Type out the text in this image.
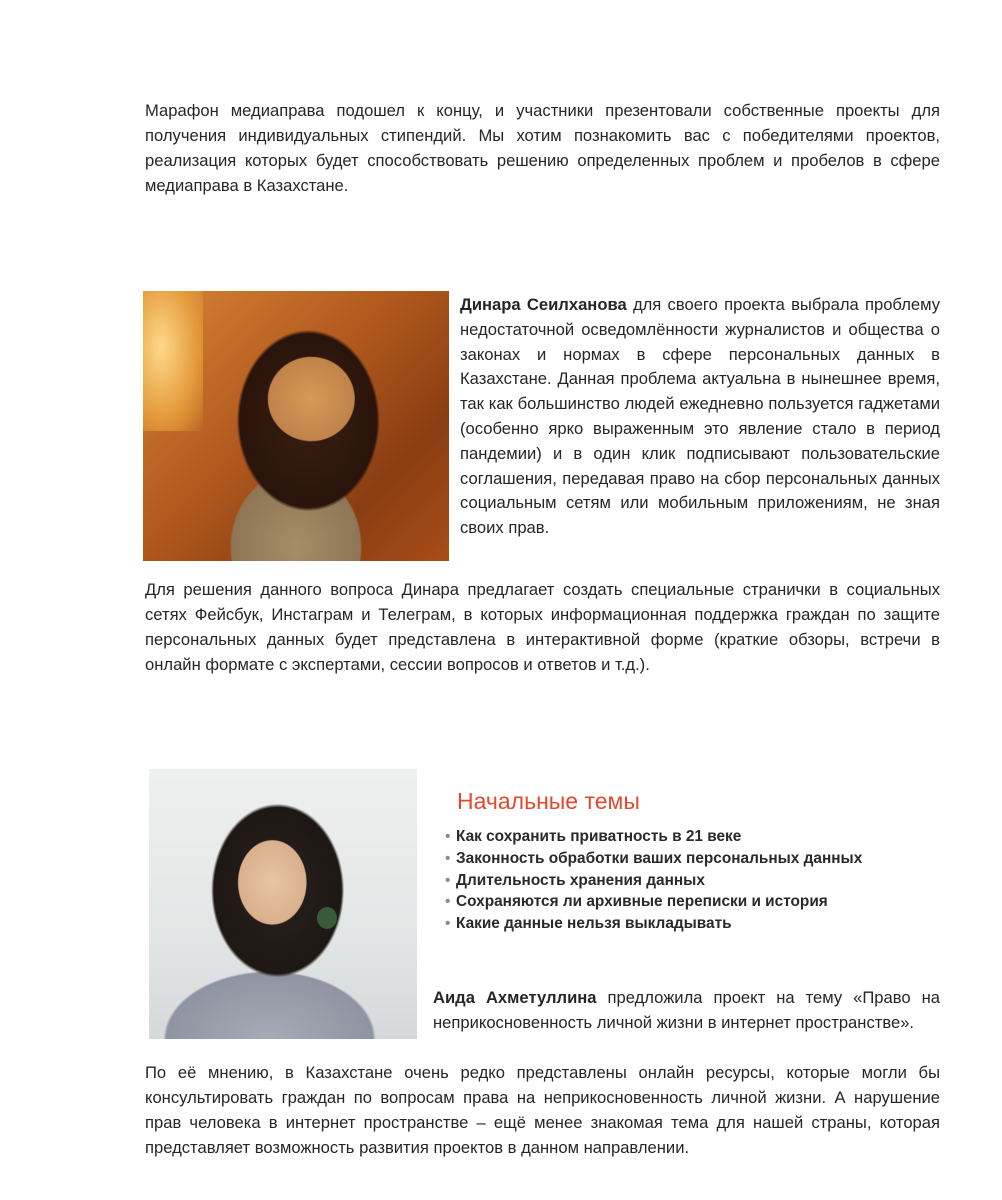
Марафон медиаправа подошел к концу, и участники презентовали собственные проекты для получения индивидуальных стипендий. Мы хотим познакомить вас с победителями проектов, реализация которых будет способствовать решению определенных проблем и пробелов в сфере медиаправа в Казахстане.

Динара Сеилханова для своего проекта выбрала проблему недостаточной осведомлённости журналистов и общества о законах и нормах в сфере персональных данных в Казахстане. Данная проблема актуальна в нынешнее время, так как большинство людей ежедневно пользуется гаджетами (особенно ярко выраженным это явление стало в период пандемии) и в один клик подписывают пользовательские соглашения, передавая право на сбор персональных данных социальным сетям или мобильным приложениям, не зная своих прав.

Для решения данного вопроса Динара предлагает создать специальные странички в социальных сетях Фейсбук, Инстаграм и Телеграм, в которых информационная поддержка граждан по защите персональных данных будет представлена в интерактивной форме (краткие обзоры, встречи в онлайн формате с экспертами, сессии вопросов и ответов и т.д.).

Начальные темы
• Как сохранить приватность в 21 веке
• Законность обработки ваших персональных данных
• Длительность хранения данных
• Сохраняются ли архивные переписки и история
• Какие данные нельзя выкладывать

Аида Ахметуллина предложила проект на тему «Право на неприкосновенность личной жизни в интернет пространстве».

По её мнению, в Казахстане очень редко представлены онлайн ресурсы, которые могли бы консультировать граждан по вопросам права на неприкосновенность личной жизни. А нарушение прав человека в интернет пространстве – ещё менее знакомая тема для нашей страны, которая представляет возможность развития проектов в данном направлении.
